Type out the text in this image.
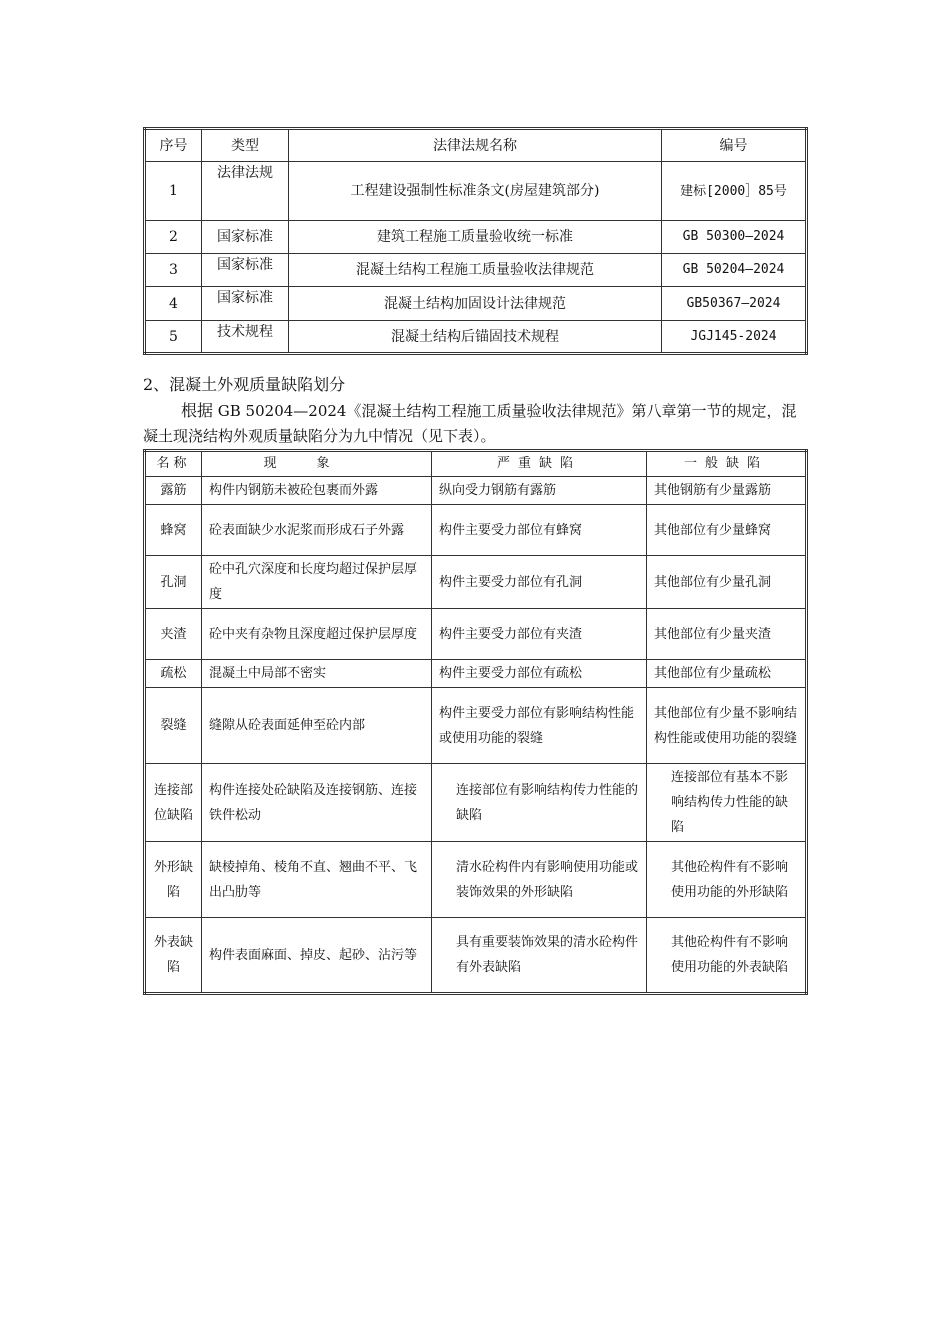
序号	类型	法律法规名称	编号
1	法律法规	工程建设强制性标准条文(房屋建筑部分)	建标[2000］85号
2	国家标准	建筑工程施工质量验收统一标准	GB 50300—2024
3	国家标准	混凝土结构工程施工质量验收法律规范	GB 50204—2024
4	国家标准	混凝土结构加固设计法律规范	GB50367—2024
5	技术规程	混凝土结构后锚固技术规程	JGJ145-2024
2、混凝土外观质量缺陷划分
根据 GB 50204—2024《混凝土结构工程施工质量验收法律规范》第八章第一节的规定，混凝土现浇结构外观质量缺陷分为九中情况（见下表）。
名称	现象	严重缺陷	一般缺陷
露筋	构件内钢筋未被砼包裹而外露	纵向受力钢筋有露筋	其他钢筋有少量露筋
蜂窝	砼表面缺少水泥浆而形成石子外露	构件主要受力部位有蜂窝	其他部位有少量蜂窝
孔洞	砼中孔穴深度和长度均超过保护层厚度	构件主要受力部位有孔洞	其他部位有少量孔洞
夹渣	砼中夹有杂物且深度超过保护层厚度	构件主要受力部位有夹渣	其他部位有少量夹渣
疏松	混凝土中局部不密实	构件主要受力部位有疏松	其他部位有少量疏松
裂缝	缝隙从砼表面延伸至砼内部	构件主要受力部位有影响结构性能或使用功能的裂缝	其他部位有少量不影响结构性能或使用功能的裂缝
连接部位缺陷	构件连接处砼缺陷及连接钢筋、连接铁件松动	连接部位有影响结构传力性能的缺陷	连接部位有基本不影响结构传力性能的缺陷
外形缺陷	缺棱掉角、棱角不直、翘曲不平、飞出凸肋等	清水砼构件内有影响使用功能或装饰效果的外形缺陷	其他砼构件有不影响使用功能的外形缺陷
外表缺陷	构件表面麻面、掉皮、起砂、沾污等	具有重要装饰效果的清水砼构件有外表缺陷	其他砼构件有不影响使用功能的外表缺陷
